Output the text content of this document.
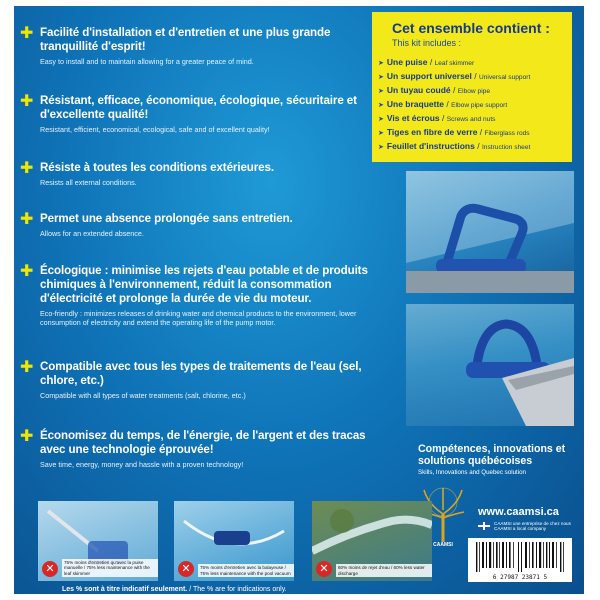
✚ Facilité d'installation et d'entretien et une plus grande tranquillité d'esprit!
Easy to install and to maintain allowing for a greater peace of mind.
✚ Résistant, efficace, économique, écologique, sécuritaire et d'excellente qualité!
Resistant, efficient, economical, ecological, safe and of excellent quality!
✚ Résiste à toutes les conditions extérieures.
Resists all external conditions.
✚ Permet une absence prolongée sans entretien.
Allows for an extended absence.
✚ Écologique : minimise les rejets d'eau potable et de produits chimiques à l'environnement, réduit la consommation d'électricité et prolonge la durée de vie du moteur.
Eco-friendly : minimizes releases of drinking water and chemical products to the environment, lower consumption of electricity and extend the operating life of the pump motor.
✚ Compatible avec tous les types de traitements de l'eau (sel, chlore, etc.)
Compatible with all types of water treatments (salt, chlorine, etc.)
✚ Économisez du temps, de l'énergie, de l'argent et des tracas avec une technologie éprouvée!
Save time, energy, money and hassle with a proven technology!
Cet ensemble contient :
This kit includes :
➤ Une puise / Leaf skimmer
➤ Un support universel / Universal support
➤ Un tuyau coudé / Elbow pipe
➤ Une braquette / Elbow pipe support
➤ Vis et écrous / Screws and nuts
➤ Tiges en fibre de verre / Fiberglass rods
➤ Feuillet d'instructions / Instruction sheet
Compétences, innovations et solutions québécoises
Skills, Innovations and Quebec solution
CAAMSI
www.caamsi.ca
CAAMSI une entreprise de chez nous CAAMSI a local company
6 27987 23871 5
✕	75% moins d'entretien qu'avec la puise manuelle / 75% less maintenance with the leaf skimmer	✕	75% moins d'entretien avec la balayeuse / 75% less maintenance with the pool vacuum	✕	60% moins de rejet d'eau / 60% less water discharge
Les % sont à titre indicatif seulement. / The % are for indications only.
